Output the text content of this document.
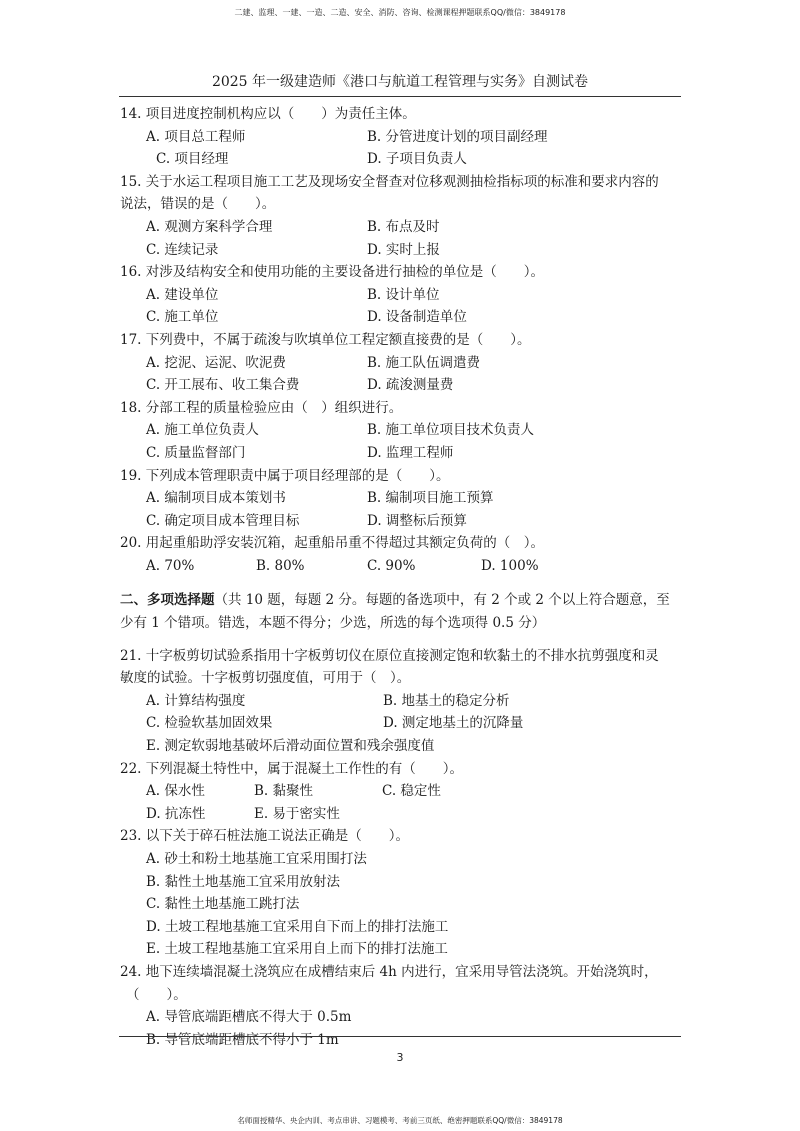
二建、监理、一建、一造、二造、安全、消防、咨询、检测课程押题联系QQ/微信：3849178
2025 年一级建造师《港口与航道工程管理与实务》自测试卷
14. 项目进度控制机构应以（　　）为责任主体。
A. 项目总工程师	B. 分管进度计划的项目副经理
C. 项目经理	D. 子项目负责人
15. 关于水运工程项目施工工艺及现场安全督查对位移观测抽检指标项的标准和要求内容的
说法，错误的是（　　）。
A. 观测方案科学合理	B. 布点及时
C. 连续记录	D. 实时上报
16. 对涉及结构安全和使用功能的主要设备进行抽检的单位是（　　）。
A. 建设单位	B. 设计单位
C. 施工单位	D. 设备制造单位
17. 下列费中，不属于疏浚与吹填单位工程定额直接费的是（　　）。
A. 挖泥、运泥、吹泥费	B. 施工队伍调遣费
C. 开工展布、收工集合费	D. 疏浚测量费
18. 分部工程的质量检验应由（　）组织进行。
A. 施工单位负责人	B. 施工单位项目技术负责人
C. 质量监督部门	D. 监理工程师
19. 下列成本管理职责中属于项目经理部的是（　　）。
A. 编制项目成本策划书	B. 编制项目施工预算
C. 确定项目成本管理目标	D. 调整标后预算
20. 用起重船助浮安装沉箱，起重船吊重不得超过其额定负荷的（　）。
A. 70%	B. 80%	C. 90%	D. 100%
二、多项选择题（共 10 题，每题 2 分。每题的备选项中，有 2 个或 2 个以上符合题意，至
少有 1 个错项。错选，本题不得分；少选，所选的每个选项得 0.5 分）
21. 十字板剪切试验系指用十字板剪切仪在原位直接测定饱和软黏土的不排水抗剪强度和灵
敏度的试验。十字板剪切强度值，可用于（　）。
A. 计算结构强度	B. 地基土的稳定分析
C. 检验软基加固效果	D. 测定地基土的沉降量
E. 测定软弱地基破坏后滑动面位置和残余强度值
22. 下列混凝土特性中，属于混凝土工作性的有（　　）。
A. 保水性	B. 黏聚性	C. 稳定性
D. 抗冻性	E. 易于密实性
23. 以下关于碎石桩法施工说法正确是（　　）。
A. 砂土和粉土地基施工宜采用围打法
B. 黏性土地基施工宜采用放射法
C. 黏性土地基施工跳打法
D. 土坡工程地基施工宜采用自下而上的排打法施工
E. 土坡工程地基施工宜采用自上而下的排打法施工
24. 地下连续墙混凝土浇筑应在成槽结束后 4h 内进行，宜采用导管法浇筑。开始浇筑时，
（　　）。
A. 导管底端距槽底不得大于 0.5m
B. 导管底端距槽底不得小于 1m
3
名师面授精华、央企内训、考点串讲、习题模考、考前三页纸、绝密押题联系QQ/微信：3849178
